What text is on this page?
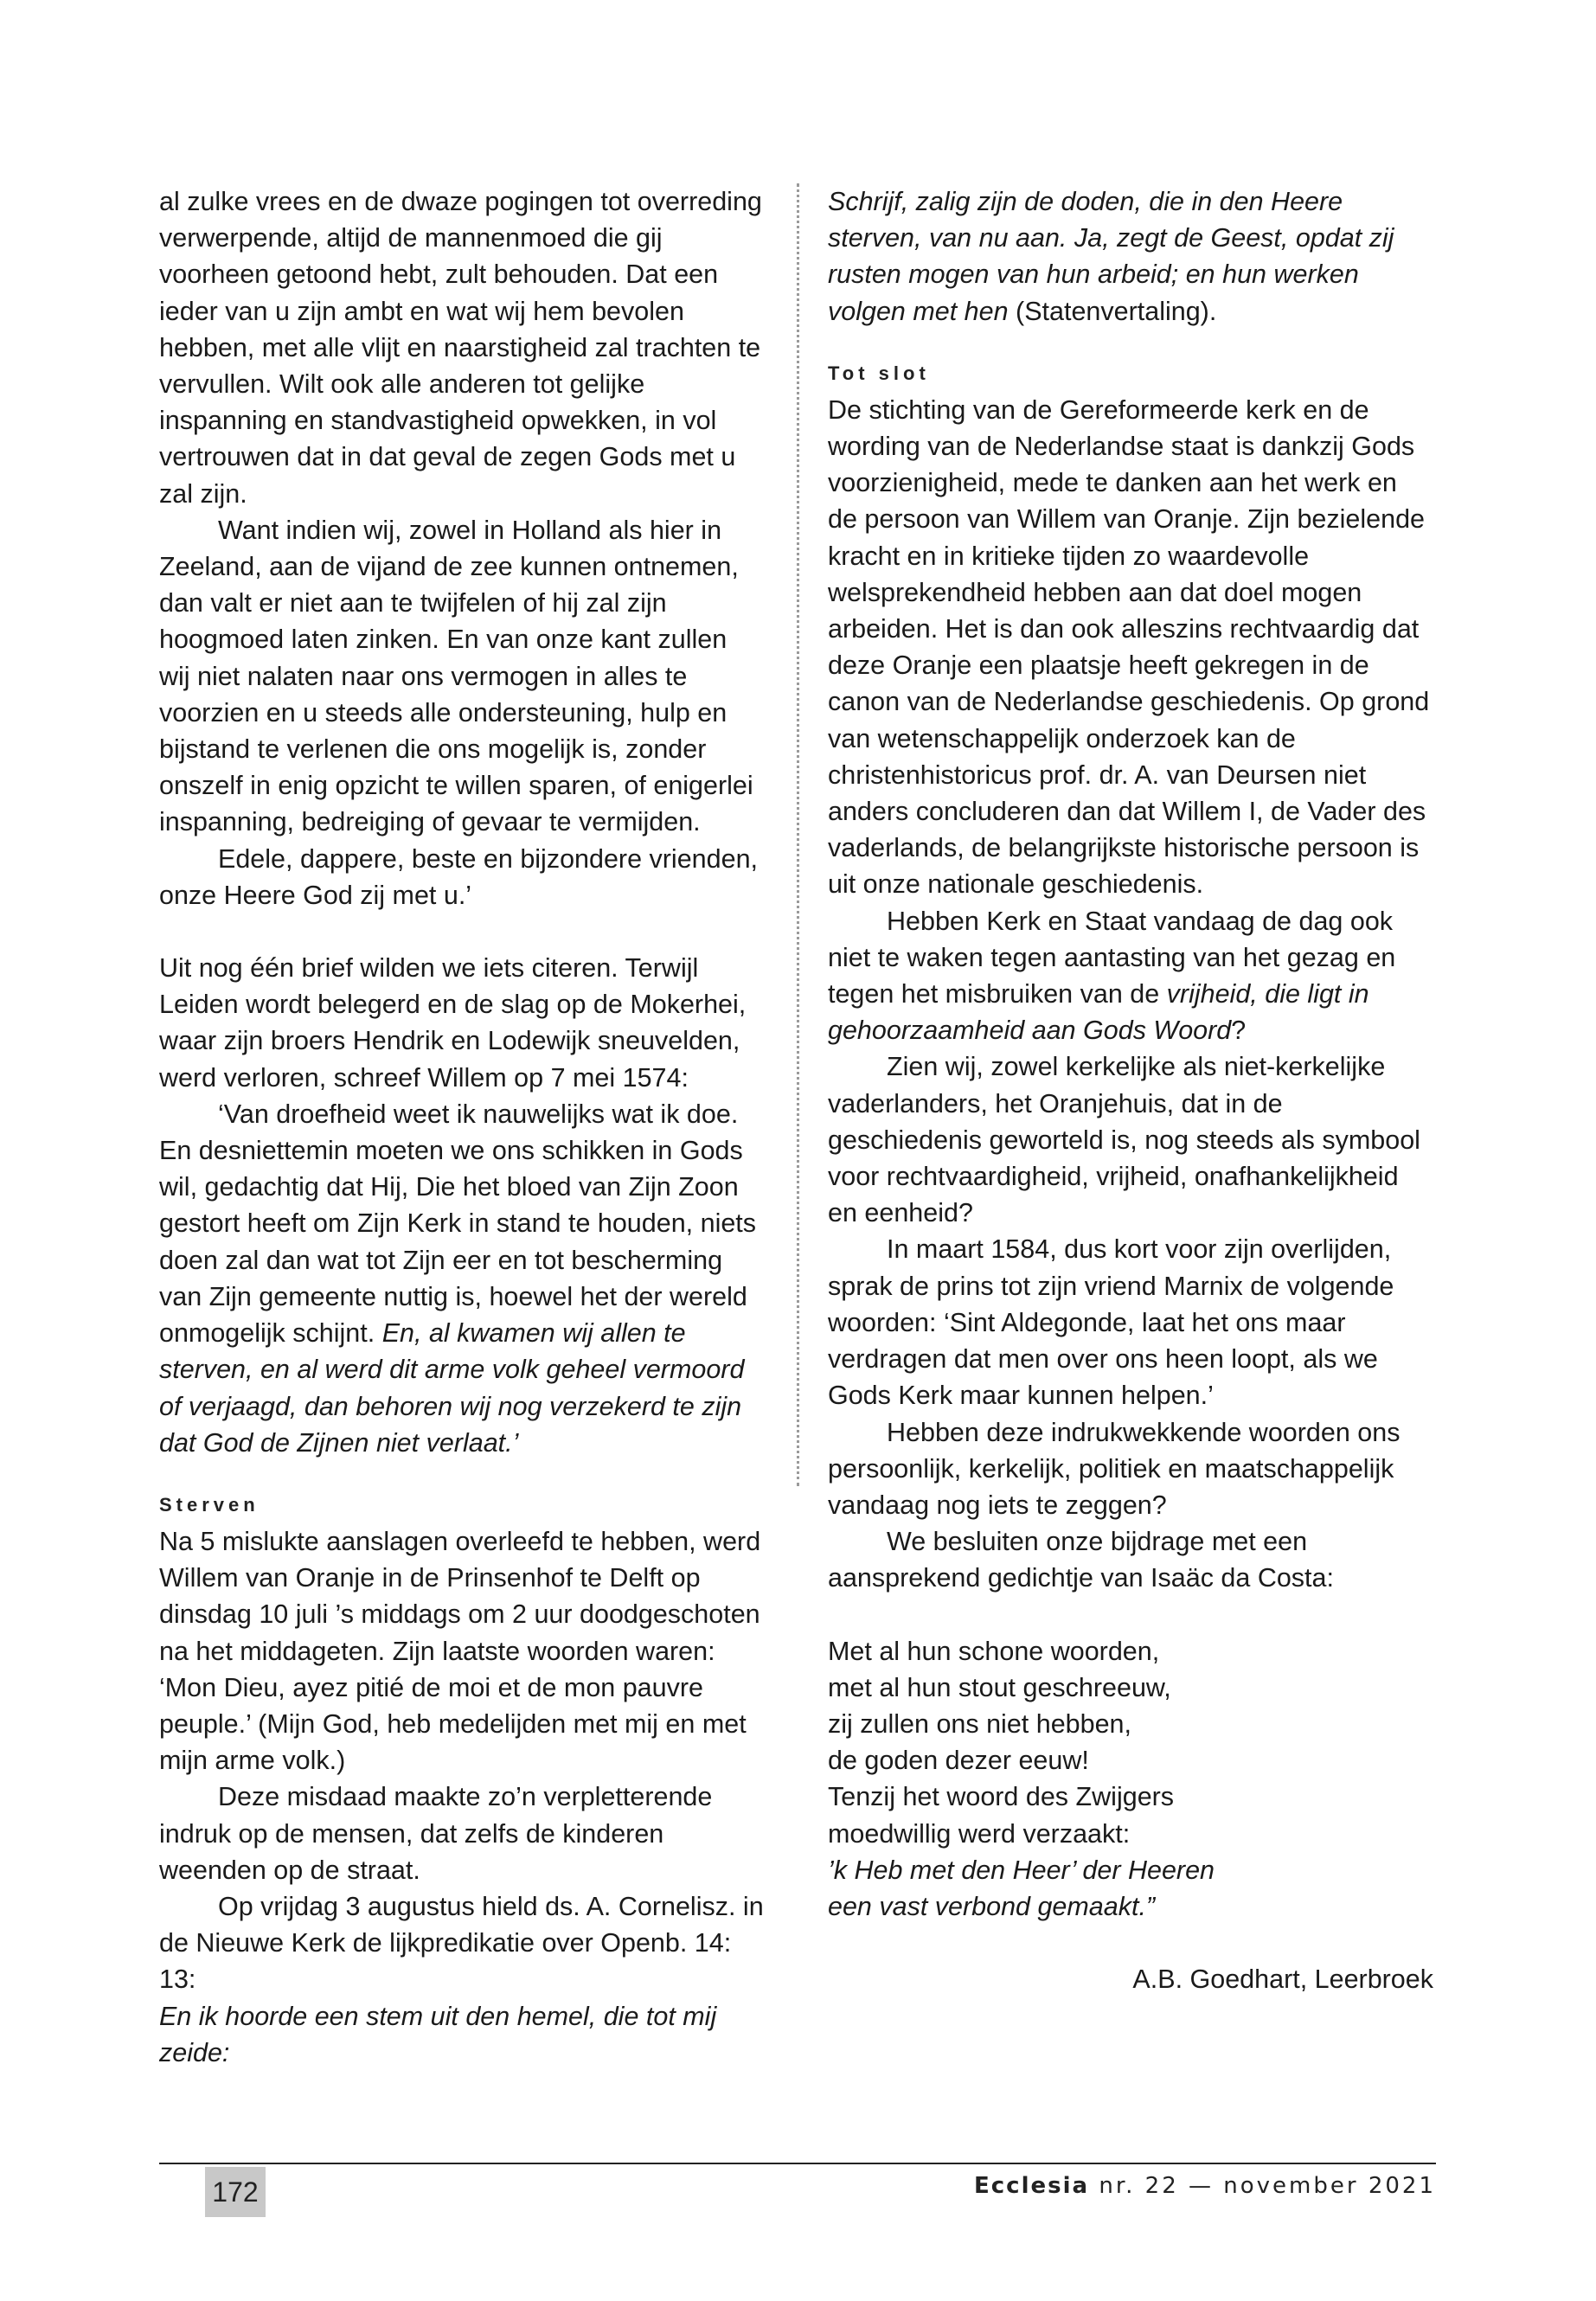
al zulke vrees en de dwaze pogingen tot overreding verwerpende, altijd de mannenmoed die gij voorheen getoond hebt, zult behouden. Dat een ieder van u zijn ambt en wat wij hem bevolen hebben, met alle vlijt en naarstigheid zal trachten te vervullen. Wilt ook alle anderen tot gelijke inspanning en standvastigheid opwekken, in vol vertrouwen dat in dat geval de zegen Gods met u zal zijn.

Want indien wij, zowel in Holland als hier in Zeeland, aan de vijand de zee kunnen ontnemen, dan valt er niet aan te twijfelen of hij zal zijn hoogmoed laten zinken. En van onze kant zullen wij niet nalaten naar ons vermogen in alles te voorzien en u steeds alle ondersteuning, hulp en bijstand te verlenen die ons mogelijk is, zonder onszelf in enig opzicht te willen sparen, of enigerlei inspanning, bedreiging of gevaar te vermijden.

Edele, dappere, beste en bijzondere vrienden, onze Heere God zij met u.’

Uit nog één brief wilden we iets citeren. Terwijl Leiden wordt belegerd en de slag op de Mokerhei, waar zijn broers Hendrik en Lodewijk sneuvelden, werd verloren, schreef Willem op 7 mei 1574:

‘Van droefheid weet ik nauwelijks wat ik doe. En desniettemin moeten we ons schikken in Gods wil, gedachtig dat Hij, Die het bloed van Zijn Zoon gestort heeft om Zijn Kerk in stand te houden, niets doen zal dan wat tot Zijn eer en tot bescherming van Zijn gemeente nuttig is, hoewel het der wereld onmogelijk schijnt. En, al kwamen wij allen te sterven, en al werd dit arme volk geheel vermoord of verjaagd, dan behoren wij nog verzekerd te zijn dat God de Zijnen niet verlaat.’

Sterven

Na 5 mislukte aanslagen overleefd te hebben, werd Willem van Oranje in de Prinsenhof te Delft op dinsdag 10 juli ’s middags om 2 uur doodgeschoten na het middageten. Zijn laatste woorden waren: ‘Mon Dieu, ayez pitié de moi et de mon pauvre peuple.’ (Mijn God, heb medelijden met mij en met mijn arme volk.)

Deze misdaad maakte zo’n verpletterende indruk op de mensen, dat zelfs de kinderen weenden op de straat.

Op vrijdag 3 augustus hield ds. A. Cornelisz. in de Nieuwe Kerk de lijkpredikatie over Openb. 14: 13:

En ik hoorde een stem uit den hemel, die tot mij zeide:

Schrijf, zalig zijn de doden, die in den Heere sterven, van nu aan. Ja, zegt de Geest, opdat zij rusten mogen van hun arbeid; en hun werken volgen met hen (Statenvertaling).

Tot slot

De stichting van de Gereformeerde kerk en de wording van de Nederlandse staat is dankzij Gods voorzienigheid, mede te danken aan het werk en de persoon van Willem van Oranje. Zijn bezielende kracht en in kritieke tijden zo waardevolle welsprekendheid hebben aan dat doel mogen arbeiden. Het is dan ook alleszins rechtvaardig dat deze Oranje een plaatsje heeft gekregen in de canon van de Nederlandse geschiedenis. Op grond van wetenschappelijk onderzoek kan de christenhistoricus prof. dr. A. van Deursen niet anders concluderen dan dat Willem I, de Vader des vaderlands, de belangrijkste historische persoon is uit onze nationale geschiedenis.

Hebben Kerk en Staat vandaag de dag ook niet te waken tegen aantasting van het gezag en tegen het misbruiken van de vrijheid, die ligt in gehoorzaamheid aan Gods Woord?

Zien wij, zowel kerkelijke als niet-kerkelijke vaderlanders, het Oranjehuis, dat in de geschiedenis geworteld is, nog steeds als symbool voor rechtvaardigheid, vrijheid, onafhankelijkheid en eenheid?

In maart 1584, dus kort voor zijn overlijden, sprak de prins tot zijn vriend Marnix de volgende woorden: ‘Sint Aldegonde, laat het ons maar verdragen dat men over ons heen loopt, als we Gods Kerk maar kunnen helpen.’

Hebben deze indrukwekkende woorden ons persoonlijk, kerkelijk, politiek en maatschappelijk vandaag nog iets te zeggen?

We besluiten onze bijdrage met een aansprekend gedichtje van Isaäc da Costa:

Met al hun schone woorden,

met al hun stout geschreeuw,

zij zullen ons niet hebben,

de goden dezer eeuw!

Tenzij het woord des Zwijgers

moedwillig werd verzaakt:

’k Heb met den Heer’ der Heeren

een vast verbond gemaakt.”

A.B. Goedhart, Leerbroek

172	Ecclesia nr. 22 — november 2021
